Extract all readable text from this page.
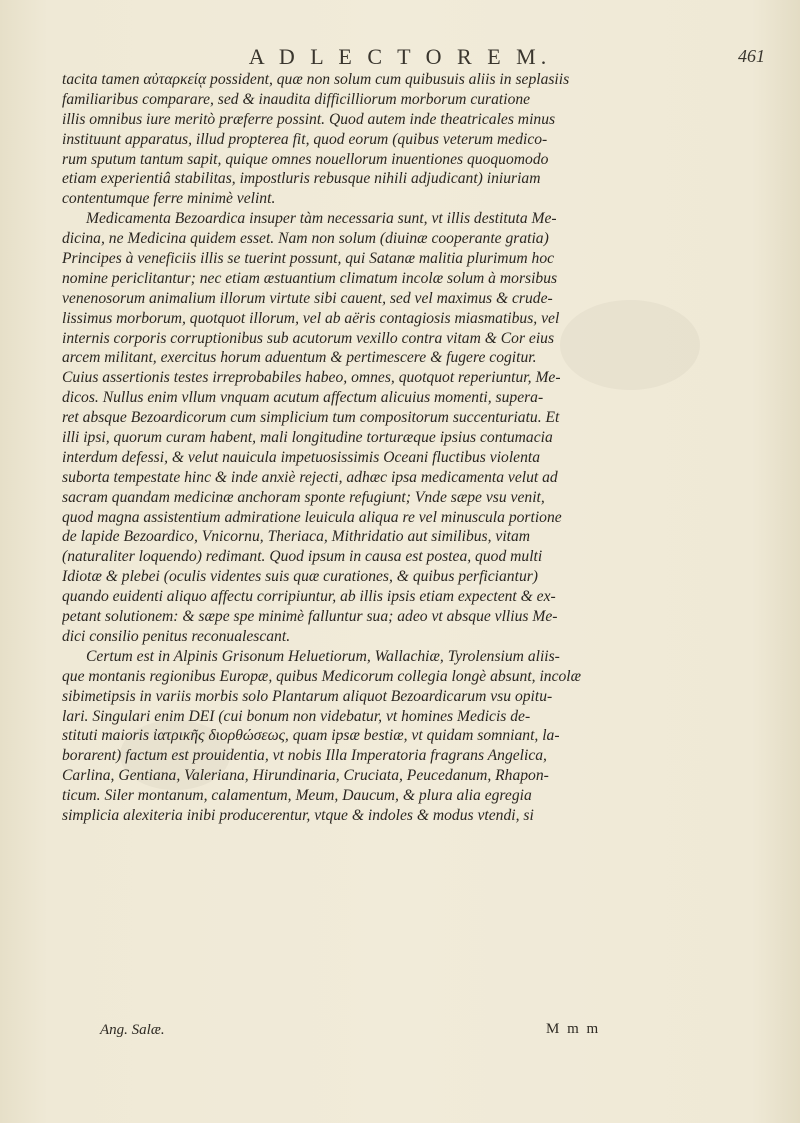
A D L E C T O R E M.	461
tacita tamen αὐταρκείᾳ possident, quæ non solum cum quibusuis aliis in seplasiis
familiaribus comparare, sed & inaudita difficilliorum morborum curatione
illis omnibus iure meritò præferre possint. Quod autem inde theatricales minus
instituunt apparatus, illud propterea fit, quod eorum (quibus veterum medico-
rum sputum tantum sapit, quique omnes nouellorum inuentiones quoquomodo
etiam experientiâ stabilitas, impostluris rebusque nihili adjudicant) iniuriam
contentumque ferre minimè velint.
Medicamenta Bezoardica insuper tàm necessaria sunt, vt illis destituta Me-
dicina, ne Medicina quidem esset. Nam non solum (diuinæ cooperante gratia)
Principes à veneficiis illis se tuerint possunt, qui Satanæ malitia plurimum hoc
nomine periclitantur; nec etiam æstuantium climatum incolæ solum à morsibus
venenosorum animalium illorum virtute sibi cauent, sed vel maximus & crude-
lissimus morborum, quotquot illorum, vel ab aëris contagiosis miasmatibus, vel
internis corporis corruptionibus sub acutorum vexillo contra vitam & Cor eius
arcem militant, exercitus horum aduentum & pertimescere & fugere cogitur.
Cuius assertionis testes irreprobabiles habeo, omnes, quotquot reperiuntur, Me-
dicos. Nullus enim vllum vnquam acutum affectum alicuius momenti, supera-
ret absque Bezoardicorum cum simplicium tum compositorum succenturiatu. Et
illi ipsi, quorum curam habent, mali longitudine torturæque ipsius contumacia
interdum defessi, & velut nauicula impetuosissimis Oceani fluctibus violenta
suborta tempestate hinc & inde anxiè rejecti, adhæc ipsa medicamenta velut ad
sacram quandam medicinæ anchoram sponte refugiunt; Vnde sæpe vsu venit,
quod magna assistentium admiratione leuicula aliqua re vel minuscula portione
de lapide Bezoardico, Vnicornu, Theriaca, Mithridatio aut similibus, vitam
(naturaliter loquendo) redimant. Quod ipsum in causa est postea, quod multi
Idiotæ & plebei (oculis videntes suis quæ curationes, & quibus perficiantur)
quando euidenti aliquo affectu corripiuntur, ab illis ipsis etiam expectent & ex-
petant solutionem: & sæpe spe minimè falluntur sua; adeo vt absque vllius Me-
dici consilio penitus reconualescant.
Certum est in Alpinis Grisonum Heluetiorum, Wallachiæ, Tyrolensium aliis-
que montanis regionibus Europæ, quibus Medicorum collegia longè absunt, incolæ
sibimetipsis in variis morbis solo Plantarum aliquot Bezoardicarum vsu opitu-
lari. Singulari enim DEI (cui bonum non videbatur, vt homines Medicis de-
stituti maioris ἰατρικῆς διορθώσεως, quam ipsæ bestiæ, vt quidam somniant, la-
borarent) factum est prouidentia, vt nobis Illa Imperatoria fragrans Angelica,
Carlina, Gentiana, Valeriana, Hirundinaria, Cruciata, Peucedanum, Rhapon-
ticum. Siler montanum, calamentum, Meum, Daucum, & plura alia egregia
simplicia alexiteria inibi producerentur, vtque & indoles & modus vtendi, si
Ang. Salæ.	M m m
